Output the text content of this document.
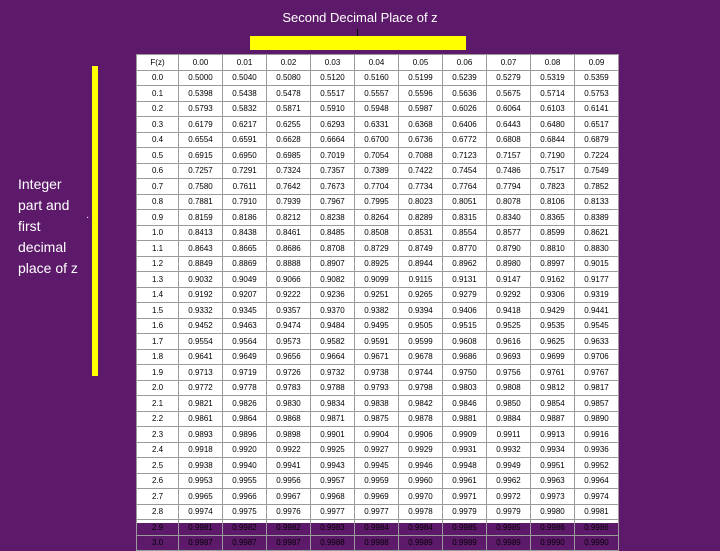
Second Decimal Place of z
Integer part and first decimal place of z
·
F(z)	0.00	0.01	0.02	0.03	0.04	0.05	0.06	0.07	0.08	0.09
0.0	0.5000	0.5040	0.5080	0.5120	0.5160	0.5199	0.5239	0.5279	0.5319	0.5359
0.1	0.5398	0.5438	0.5478	0.5517	0.5557	0.5596	0.5636	0.5675	0.5714	0.5753
0.2	0.5793	0.5832	0.5871	0.5910	0.5948	0.5987	0.6026	0.6064	0.6103	0.6141
0.3	0.6179	0.6217	0.6255	0.6293	0.6331	0.6368	0.6406	0.6443	0.6480	0.6517
0.4	0.6554	0.6591	0.6628	0.6664	0.6700	0.6736	0.6772	0.6808	0.6844	0.6879
0.5	0.6915	0.6950	0.6985	0.7019	0.7054	0.7088	0.7123	0.7157	0.7190	0.7224
0.6	0.7257	0.7291	0.7324	0.7357	0.7389	0.7422	0.7454	0.7486	0.7517	0.7549
0.7	0.7580	0.7611	0.7642	0.7673	0.7704	0.7734	0.7764	0.7794	0.7823	0.7852
0.8	0.7881	0.7910	0.7939	0.7967	0.7995	0.8023	0.8051	0.8078	0.8106	0.8133
0.9	0.8159	0.8186	0.8212	0.8238	0.8264	0.8289	0.8315	0.8340	0.8365	0.8389
1.0	0.8413	0.8438	0.8461	0.8485	0.8508	0.8531	0.8554	0.8577	0.8599	0.8621
1.1	0.8643	0.8665	0.8686	0.8708	0.8729	0.8749	0.8770	0.8790	0.8810	0.8830
1.2	0.8849	0.8869	0.8888	0.8907	0.8925	0.8944	0.8962	0.8980	0.8997	0.9015
1.3	0.9032	0.9049	0.9066	0.9082	0.9099	0.9115	0.9131	0.9147	0.9162	0.9177
1.4	0.9192	0.9207	0.9222	0.9236	0.9251	0.9265	0.9279	0.9292	0.9306	0.9319
1.5	0.9332	0.9345	0.9357	0.9370	0.9382	0.9394	0.9406	0.9418	0.9429	0.9441
1.6	0.9452	0.9463	0.9474	0.9484	0.9495	0.9505	0.9515	0.9525	0.9535	0.9545
1.7	0.9554	0.9564	0.9573	0.9582	0.9591	0.9599	0.9608	0.9616	0.9625	0.9633
1.8	0.9641	0.9649	0.9656	0.9664	0.9671	0.9678	0.9686	0.9693	0.9699	0.9706
1.9	0.9713	0.9719	0.9726	0.9732	0.9738	0.9744	0.9750	0.9756	0.9761	0.9767
2.0	0.9772	0.9778	0.9783	0.9788	0.9793	0.9798	0.9803	0.9808	0.9812	0.9817
2.1	0.9821	0.9826	0.9830	0.9834	0.9838	0.9842	0.9846	0.9850	0.9854	0.9857
2.2	0.9861	0.9864	0.9868	0.9871	0.9875	0.9878	0.9881	0.9884	0.9887	0.9890
2.3	0.9893	0.9896	0.9898	0.9901	0.9904	0.9906	0.9909	0.9911	0.9913	0.9916
2.4	0.9918	0.9920	0.9922	0.9925	0.9927	0.9929	0.9931	0.9932	0.9934	0.9936
2.5	0.9938	0.9940	0.9941	0.9943	0.9945	0.9946	0.9948	0.9949	0.9951	0.9952
2.6	0.9953	0.9955	0.9956	0.9957	0.9959	0.9960	0.9961	0.9962	0.9963	0.9964
2.7	0.9965	0.9966	0.9967	0.9968	0.9969	0.9970	0.9971	0.9972	0.9973	0.9974
2.8	0.9974	0.9975	0.9976	0.9977	0.9977	0.9978	0.9979	0.9979	0.9980	0.9981
2.9	0.9981	0.9982	0.9982	0.9983	0.9984	0.9984	0.9985	0.9985	0.9986	0.9986
3.0	0.9987	0.9987	0.9987	0.9988	0.9988	0.9989	0.9989	0.9989	0.9990	0.9990
